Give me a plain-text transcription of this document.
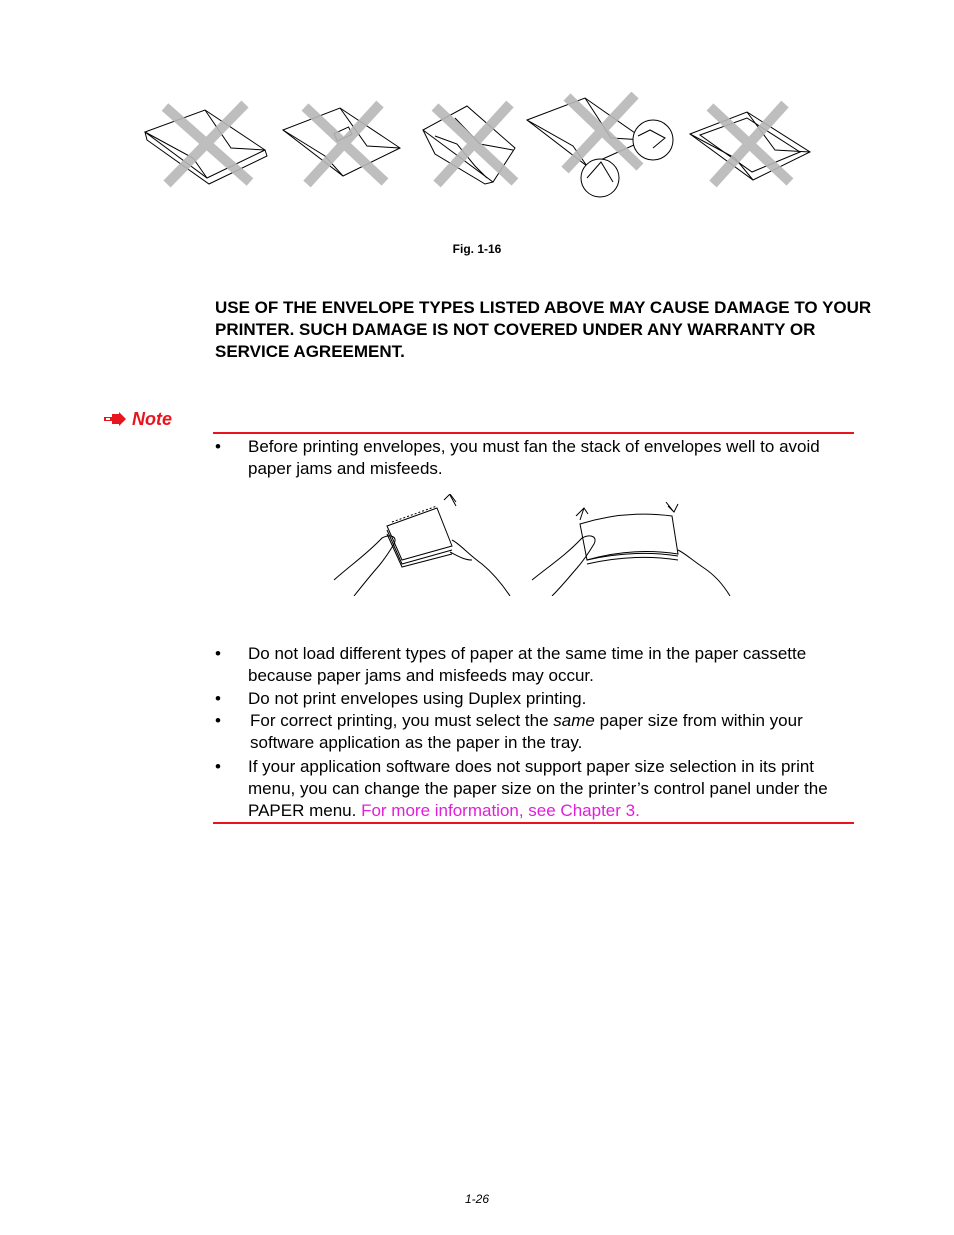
Fig. 1-16
USE OF THE ENVELOPE TYPES LISTED ABOVE MAY CAUSE DAMAGE TO YOUR PRINTER. SUCH DAMAGE IS NOT COVERED UNDER ANY WARRANTY OR SERVICE AGREEMENT.
Note
•	Before printing envelopes, you must fan the stack of envelopes well to avoid paper jams and misfeeds.
•	Do not load different types of paper at the same time in the paper cassette because paper jams and misfeeds may occur.
•	Do not print envelopes using Duplex printing.
•	For correct printing, you must select the same paper size from within your software application as the paper in the tray.
•	If your application software does not support paper size selection in its print menu, you can change the paper size on the printer’s control panel under the PAPER menu. For more information, see Chapter 3.
1-26
